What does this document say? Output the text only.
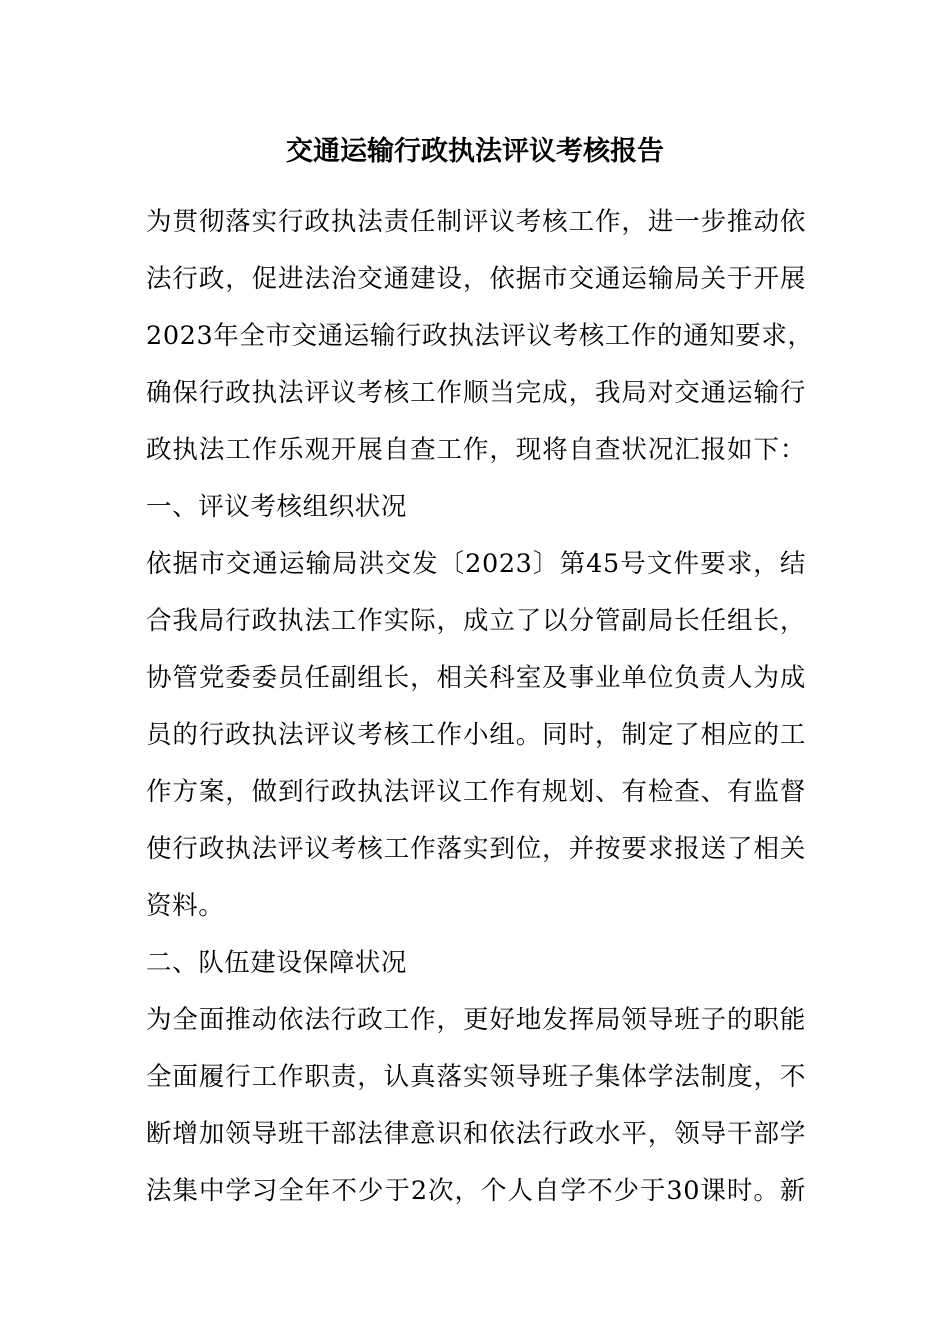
交通运输行政执法评议考核报告
为贯彻落实行政执法责任制评议考核工作，进一步推动依
法行政，促进法治交通建设，依据市交通运输局关于开展
2023年全市交通运输行政执法评议考核工作的通知要求，
确保行政执法评议考核工作顺当完成，我局对交通运输行
政执法工作乐观开展自查工作，现将自查状况汇报如下：
一、评议考核组织状况
依据市交通运输局洪交发〔2023〕第45号文件要求，结
合我局行政执法工作实际，成立了以分管副局长任组长，
协管党委委员任副组长，相关科室及事业单位负责人为成
员的行政执法评议考核工作小组。同时，制定了相应的工
作方案，做到行政执法评议工作有规划、有检查、有监督
使行政执法评议考核工作落实到位，并按要求报送了相关
资料。
二、队伍建设保障状况
为全面推动依法行政工作，更好地发挥局领导班子的职能
全面履行工作职责，认真落实领导班子集体学法制度，不
断增加领导班干部法律意识和依法行政水平，领导干部学
法集中学习全年不少于2次，个人自学不少于30课时。新
